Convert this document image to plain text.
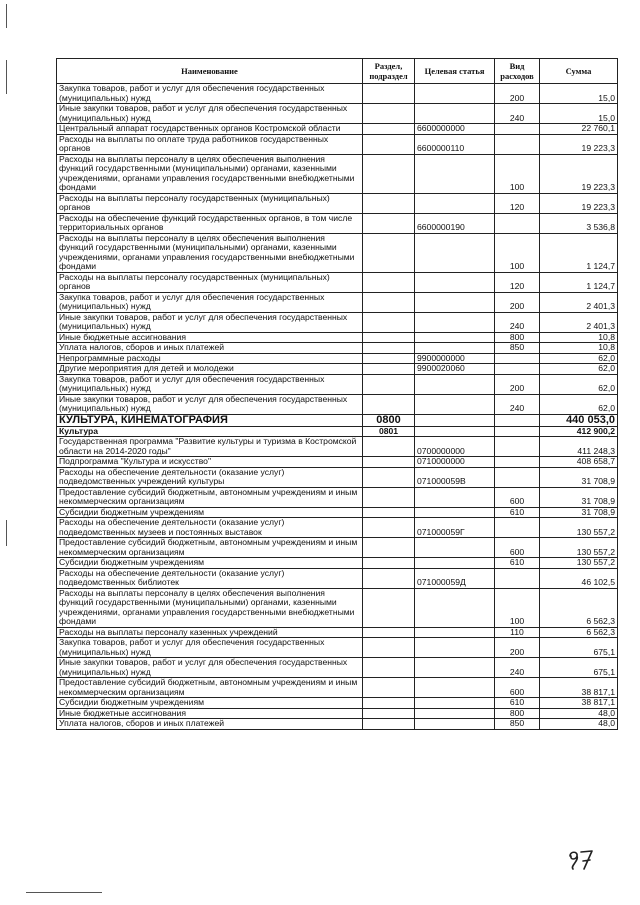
Наименование	Раздел, подраздел	Целевая статья	Вид расходов	Сумма
Закупка товаров, работ и услуг для обеспечения государственных (муниципальных) нужд			200	15,0
Иные закупки товаров, работ и услуг для обеспечения государственных (муниципальных) нужд			240	15,0
Центральный аппарат государственных органов Костромской области		6600000000		22 760,1
Расходы на выплаты по оплате труда работников государственных органов		6600000110		19 223,3
Расходы на выплаты персоналу в целях обеспечения выполнения функций государственными (муниципальными) органами, казенными учреждениями, органами управления государственными внебюджетными фондами			100	19 223,3
Расходы на выплаты персоналу государственных (муниципальных) органов			120	19 223,3
Расходы на обеспечение функций государственных органов, в том числе территориальных органов		6600000190		3 536,8
Расходы на выплаты персоналу в целях обеспечения выполнения функций государственными (муниципальными) органами, казенными учреждениями, органами управления государственными внебюджетными фондами			100	1 124,7
Расходы на выплаты персоналу государственных (муниципальных) органов			120	1 124,7
Закупка товаров, работ и услуг для обеспечения государственных (муниципальных) нужд			200	2 401,3
Иные закупки товаров, работ и услуг для обеспечения государственных (муниципальных) нужд			240	2 401,3
Иные бюджетные ассигнования			800	10,8
Уплата налогов, сборов и иных платежей			850	10,8
Непрограммные расходы		9900000000		62,0
Другие мероприятия для детей и молодежи		9900020060		62,0
Закупка товаров, работ и услуг для обеспечения государственных (муниципальных) нужд			200	62,0
Иные закупки товаров, работ и услуг для обеспечения государственных (муниципальных) нужд			240	62,0
КУЛЬТУРА, КИНЕМАТОГРАФИЯ	0800			440 053,0
Культура	0801			412 900,2
Государственная программа "Развитие культуры и туризма в Костромской области на 2014-2020 годы"		0700000000		411 248,3
Подпрограмма "Культура и искусство"		0710000000		408 658,7
Расходы на обеспечение деятельности (оказание услуг) подведомственных учреждений культуры		071000059В		31 708,9
Предоставление субсидий бюджетным, автономным учреждениям и иным некоммерческим организациям			600	31 708,9
Субсидии бюджетным учреждениям			610	31 708,9
Расходы на обеспечение деятельности (оказание услуг) подведомственных музеев и постоянных выставок		071000059Г		130 557,2
Предоставление субсидий бюджетным, автономным учреждениям и иным некоммерческим организациям			600	130 557,2
Субсидии бюджетным учреждениям			610	130 557,2
Расходы на обеспечение деятельности (оказание услуг) подведомственных библиотек		071000059Д		46 102,5
Расходы на выплаты персоналу в целях обеспечения выполнения функций государственными (муниципальными) органами, казенными учреждениями, органами управления государственными внебюджетными фондами			100	6 562,3
Расходы на выплаты персоналу казенных учреждений			110	6 562,3
Закупка товаров, работ и услуг для обеспечения государственных (муниципальных) нужд			200	675,1
Иные закупки товаров, работ и услуг для обеспечения государственных (муниципальных) нужд			240	675,1
Предоставление субсидий бюджетным, автономным учреждениям и иным некоммерческим организациям			600	38 817,1
Субсидии бюджетным учреждениям			610	38 817,1
Иные бюджетные ассигнования			800	48,0
Уплата налогов, сборов и иных платежей			850	48,0
